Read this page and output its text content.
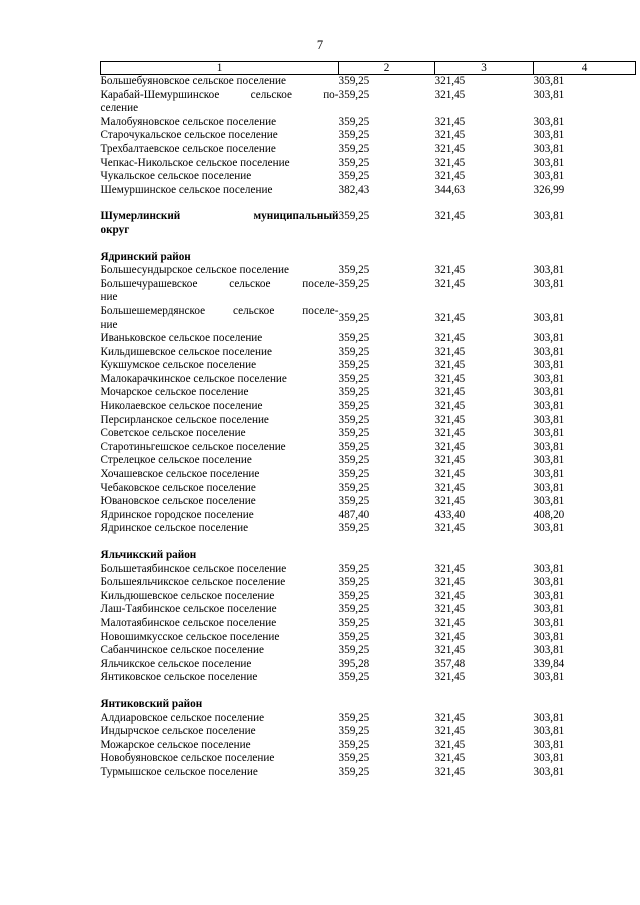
7
1	2	3	4
Большебуяновское сельское поселение	359,25	321,45	303,81

Карабай-Шемуршинское сельское по-
селение	359,25	321,45	303,81
Малобуяновское сельское поселение	359,25	321,45	303,81
Старочукальское сельское поселение	359,25	321,45	303,81
Трехбалтаевское сельское поселение	359,25	321,45	303,81
Чепкас-Никольское сельское поселение	359,25	321,45	303,81
Чукальское сельское поселение	359,25	321,45	303,81
Шемуршинское сельское поселение	382,43	344,63	326,99

Шумерлинский муниципальный
округ	359,25	321,45	303,81

Ядринский район			
Большесундырское сельское поселение	359,25	321,45	303,81

Большечурашевское сельское поселе-
ние	359,25	321,45	303,81

Большешемердянское сельское поселе-
ние	359,25	321,45	303,81
Иваньковское сельское поселение	359,25	321,45	303,81
Кильдишевское сельское поселение	359,25	321,45	303,81
Кукшумское сельское поселение	359,25	321,45	303,81
Малокарачкинское сельское поселение	359,25	321,45	303,81
Мочарское сельское поселение	359,25	321,45	303,81
Николаевское сельское поселение	359,25	321,45	303,81
Персирланское сельское поселение	359,25	321,45	303,81
Советское сельское поселение	359,25	321,45	303,81
Старотиньгешское сельское поселение	359,25	321,45	303,81
Стрелецкое сельское поселение	359,25	321,45	303,81
Хочашевское сельское поселение	359,25	321,45	303,81
Чебаковское сельское поселение	359,25	321,45	303,81
Ювановское сельское поселение	359,25	321,45	303,81
Ядринское городское поселение	487,40	433,40	408,20
Ядринское сельское поселение	359,25	321,45	303,81

Яльчикский район			
Большетаябинское сельское поселение	359,25	321,45	303,81
Большеяльчикское сельское поселение	359,25	321,45	303,81
Кильдюшевское сельское поселение	359,25	321,45	303,81
Лаш-Таябинское сельское поселение	359,25	321,45	303,81
Малотаябинское сельское поселение	359,25	321,45	303,81
Новошимкусское сельское поселение	359,25	321,45	303,81
Сабанчинское сельское поселение	359,25	321,45	303,81
Яльчикское сельское поселение	395,28	357,48	339,84
Янтиковское сельское поселение	359,25	321,45	303,81

Янтиковский район			
Алдиаровское сельское поселение	359,25	321,45	303,81
Индырчское сельское поселение	359,25	321,45	303,81
Можарское сельское поселение	359,25	321,45	303,81
Новобуяновское сельское поселение	359,25	321,45	303,81
Турмышское сельское поселение	359,25	321,45	303,81
